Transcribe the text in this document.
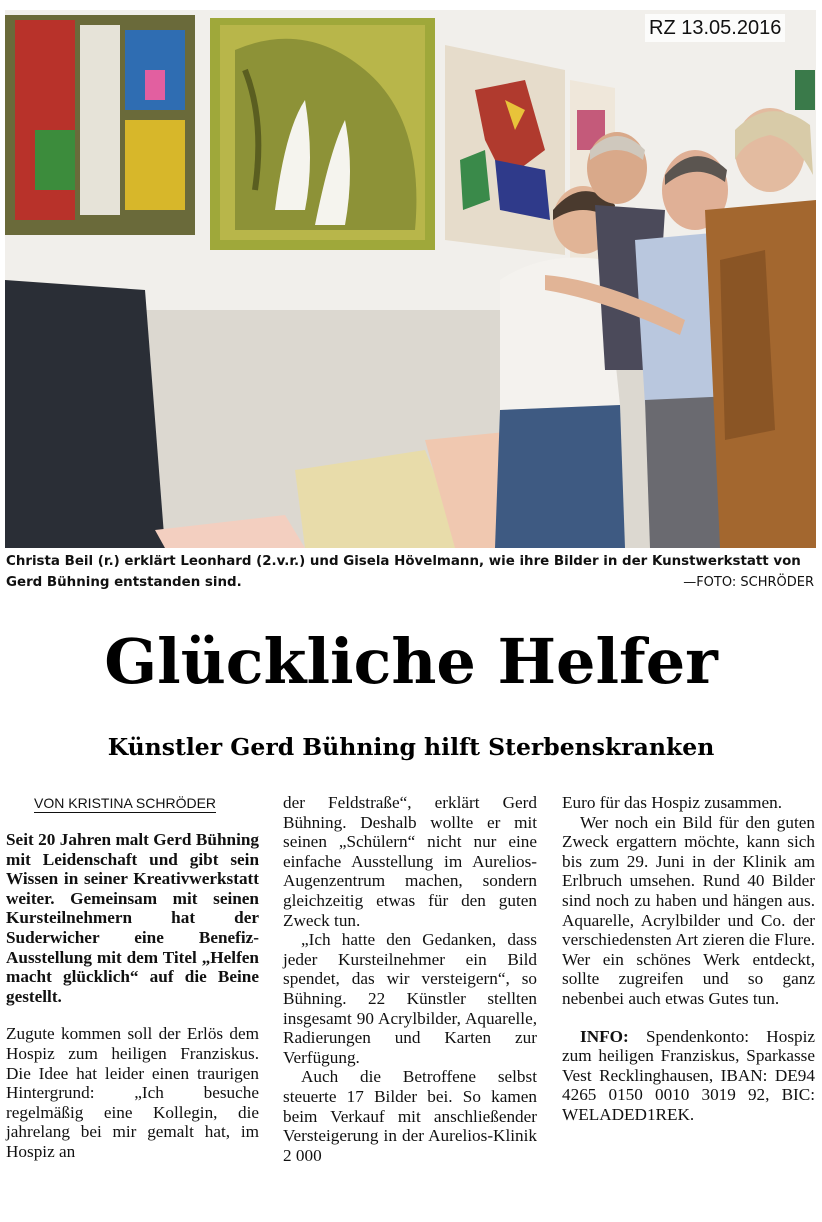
RZ 13.05.2016
Christa Beil (r.) erklärt Leonhard (2.v.r.) und Gisela Hövelmann, wie ihre Bilder in der Kunstwerkstatt von Gerd Bühning entstanden sind.	—FOTO: SCHRÖDER
Glückliche Helfer
Künstler Gerd Bühning hilft Sterbenskranken
VON KRISTINA SCHRÖDER

Seit 20 Jahren malt Gerd Bühning mit Leidenschaft und gibt sein Wissen in seiner Kreativwerkstatt weiter. Gemeinsam mit seinen Kursteilnehmern hat der Suderwicher eine Benefiz-Ausstellung mit dem Titel „Helfen macht glücklich“ auf die Beine gestellt.

Zugute kommen soll der Erlös dem Hospiz zum heiligen Franziskus. Die Idee hat leider einen traurigen Hintergrund: „Ich besuche regelmäßig eine Kollegin, die jahrelang bei mir gemalt hat, im Hospiz an

der Feldstraße“, erklärt Gerd Bühning. Deshalb wollte er mit seinen „Schülern“ nicht nur eine einfache Ausstellung im Aurelios-Augenzentrum machen, sondern gleichzeitig etwas für den guten Zweck tun.

„Ich hatte den Gedanken, dass jeder Kursteilnehmer ein Bild spendet, das wir versteigern“, so Bühning. 22 Künstler stellten insgesamt 90 Acrylbilder, Aquarelle, Radierungen und Karten zur Verfügung.

Auch die Betroffene selbst steuerte 17 Bilder bei. So kamen beim Verkauf mit anschließender Versteigerung in der Aurelios-Klinik 2 000

Euro für das Hospiz zusammen.

Wer noch ein Bild für den guten Zweck ergattern möchte, kann sich bis zum 29. Juni in der Klinik am Erlbruch umsehen. Rund 40 Bilder sind noch zu haben und hängen aus. Aquarelle, Acrylbilder und Co. der verschiedensten Art zieren die Flure. Wer ein schönes Werk entdeckt, sollte zugreifen und so ganz nebenbei auch etwas Gutes tun.

INFO: Spendenkonto: Hospiz zum heiligen Franziskus, Sparkasse Vest Recklinghausen, IBAN: DE94 4265 0150 0010 3019 92, BIC: WELADED1REK.
